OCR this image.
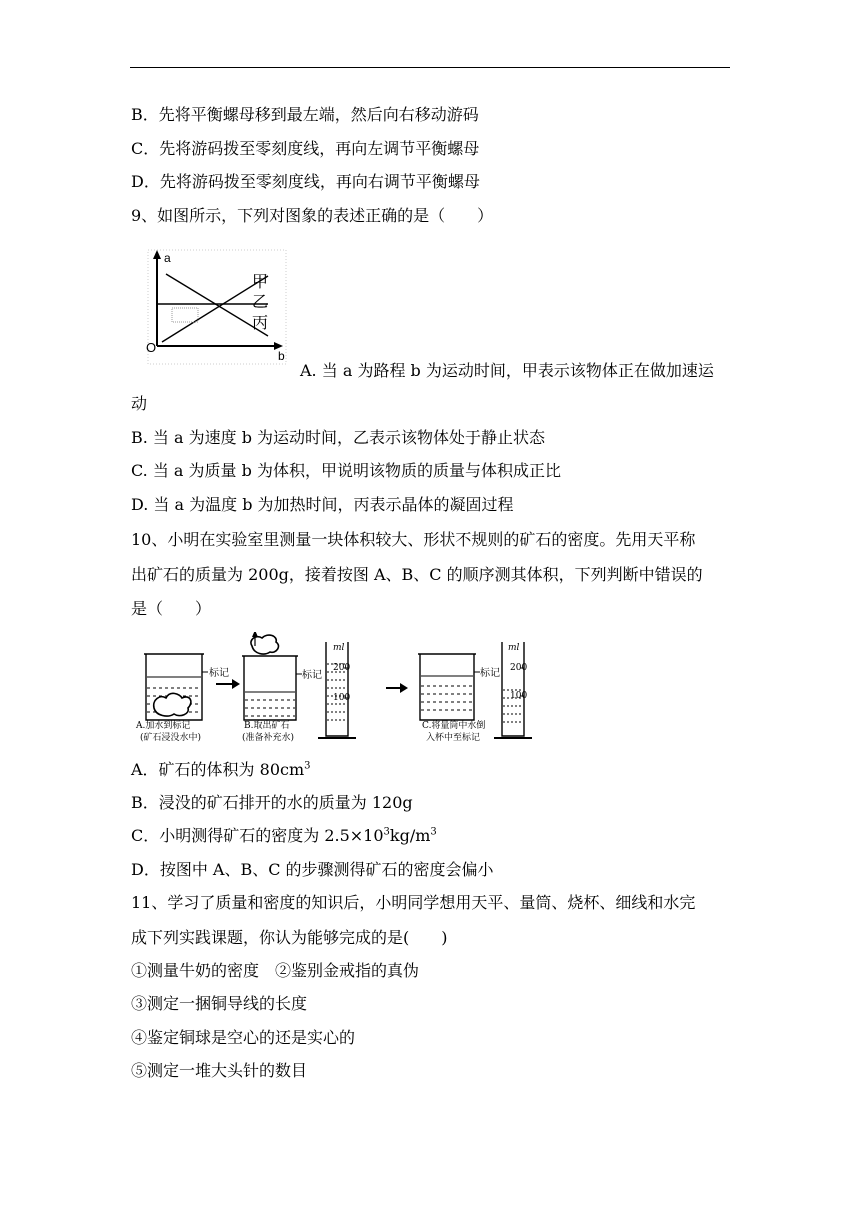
B．先将平衡螺母移到最左端，然后向右移动游码
C．先将游码拨至零刻度线，再向左调节平衡螺母
D．先将游码拨至零刻度线，再向右调节平衡螺母
9、如图所示，下列对图象的表述正确的是（　　）
a
b
O
甲
乙
丙
A. 当 a 为路程 b 为运动时间，甲表示该物体正在做加速运
动
B. 当 a 为速度 b 为运动时间，乙表示该物体处于静止状态
C. 当 a 为质量 b 为体积，甲说明该物质的质量与体积成正比
D. 当 a 为温度 b 为加热时间，丙表示晶体的凝固过程
10、小明在实验室里测量一块体积较大、形状不规则的矿石的密度。先用天平称
出矿石的质量为 200g，接着按图 A、B、C 的顺序测其体积，下列判断中错误的
是（　　）
标记	标记
ml
200
100
标记
ml
200
100
A.加水到标记
(矿石浸没水中)
B.取出矿石
(准备补充水)
C.将量筒中水倒
入杯中至标记
A．矿石的体积为 $80cm^3$
B．浸没的矿石排开的水的质量为 120g
C．小明测得矿石的密度为 $2.5\times 10^3kg/m^3$
D．按图中 A、B、C 的步骤测得矿石的密度会偏小
11、学习了质量和密度的知识后，小明同学想用天平、量筒、烧杯、细线和水完
成下列实践课题，你认为能够完成的是(　　)
①测量牛奶的密度　②鉴别金戒指的真伪
③测定一捆铜导线的长度
④鉴定铜球是空心的还是实心的
⑤测定一堆大头针的数目
